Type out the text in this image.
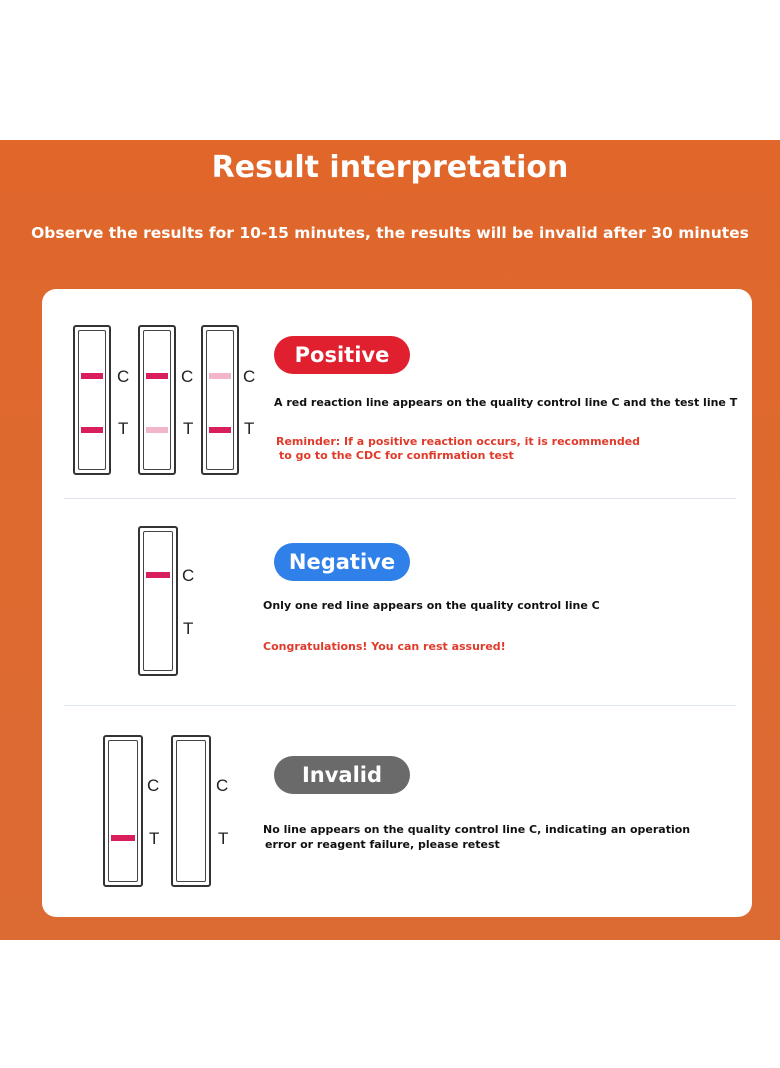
Result interpretation
Observe the results for 10-15 minutes, the results will be invalid after 30 minutes
C
T
C
T
C
T
Positive
A red reaction line appears on the quality control line C and the test line T
Reminder: If a positive reaction occurs, it is recommended
to go to the CDC for confirmation test
C
T
Negative
Only one red line appears on the quality control line C
Congratulations! You can rest assured!
C
T
C
T
Invalid
No line appears on the quality control line C, indicating an operation
error or reagent failure, please retest
